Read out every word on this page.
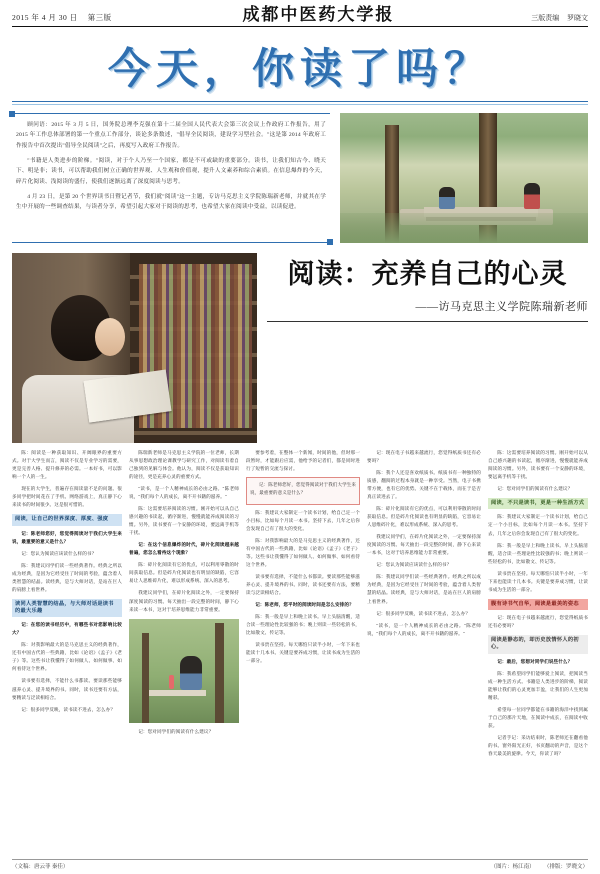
2015 年 4 月 30 日 第三版	成都中医药大学报	三版责编 罗晓文
今天，你读了吗？

顾问语：2015 年 3 月 5 日，国务院总理李克强在第十二届全国人民代表大会第三次会议上作政府工作报告，用了 2015 年工作总体部署的第一个重点工作部分，谈论多条数述，"倡导全民阅读，建设学习型社会。"这是第 2014 年政府工作报告中首次提出"倡导全民阅读"之后，再度写入政府工作报告。

"书籍是人类进步的阶梯。"阅读，对于个人乃至一个国家，都是不可或缺的重要部分。读书，让我们知古今、晓天下、明是非；读书，可以帮助我们树立正确的世界观、人生观和价值观，提升人文素养和综合素质。在信息爆炸的今天，碎片化阅读、浅阅读的盛行，使我们逐渐远离了深度阅读与思考。

4 月 23 日，是第 20 个世界读书日暨记者节，我们就"阅读"这一主题，专访马克思主义学院陈瑞新老师，并就其在学生中开展的一些调查结果，与读者分享，希望引起大家对于阅读的思考，也希望大家在阅读中受益，以读促进。

阅读：充养自己的心灵
——访马克思主义学院陈瑞新老师

陈：阅读是一种获取知识、开阔眼界的重要方式。对于大学生而言，阅读不仅是专业学习的需要，更是完善人格、提升修养的必需。一本好书，可以影响一个人的一生。

现在的大学生，普遍存在阅读量不足的问题。很多同学把时间花在了手机、网络游戏上，真正静下心来读书的时间很少。这是很可惜的。

阅读，让自己的世界深度、厚度、强度

记：陈老师您好，您觉得阅读对于我们大学生来说，最重要的意义是什么？

记：您认为阅读应该读什么样的书？

陈：我建议同学们读一些经典著作。经典之所以成为经典，是因为它经受住了时间的考验，蕴含着人类智慧的结晶。读经典，是与大师对话，是站在巨人的肩膀上看世界。

读同人类智慧的结晶，与大师对话是读书的最大乐趣

记：在您的读书经历中，有哪些书对您影响比较大？

陈：对我影响最大的是马克思主义的经典著作，还有中国古代的一些典籍，比如《论语》《孟子》《老子》等。这些书让我懂得了如何做人、如何做事、如何看待这个世界。

读书要有选择，不能什么书都读。要读那些能够滋养心灵、提升境界的书。同时，读书还要有方法，要精读与泛读相结合。

记：很多同学反映，读书读不进去，怎么办？

陈瑞新老师是马克思主义学院的一位老师，长期从事思想政治理论课教学与研究工作，对阅读有着自己独到的见解与体会。他认为，阅读不仅是获取知识的途径，更是充养心灵的重要方式。

"读书，是一个人精神成长的必由之路。"陈老师说，"我们每个人的成长，离不开书籍的滋养。"

陈：这需要培养阅读的习惯。刚开始可以从自己感兴趣的书读起，循序渐进，慢慢就能养成阅读的习惯。另外，读书要有一个安静的环境，要远离手机等干扰。

记：在这个信息爆炸的时代，碎片化阅读越来越普遍，您怎么看待这个现象？

陈：碎片化阅读有它的优点，可以利用零散的时间获取信息。但是碎片化阅读也有明显的缺陷，它容易让人思维碎片化，难以形成系统、深入的思考。

我建议同学们，在碎片化阅读之外，一定要保持深度阅读的习惯。每天抽出一段完整的时间，静下心来读一本书，这对于培养思维能力非常重要。

记：您对同学们的阅读有什么建议？

要参考着，在整体一个新闻，时间的他，但时那一段暂时，才能跟后应需，他给予的记者们，都是同时进行了短暂的交流与探讨。

记：陈老师您好，您觉得阅读对于我们大学生来说，最重要的意义是什么？

陈：我建议大家制定一个读书计划，给自己定一个小目标，比如每个月读一本书。坚持下去，几年之后你会发现自己有了很大的变化。

陈：对我影响最大的是马克思主义的经典著作，还有中国古代的一些典籍，比如《论语》《孟子》《老子》等。这些书让我懂得了如何做人、如何做事、如何看待这个世界。

读书要有选择，不能什么书都读。要读那些能够滋养心灵、提升境界的书。同时，读书还要有方法，要精读与泛读相结合。

记：陈老师，您平时的阅读时间是怎么安排的？

陈：我一般是早上和晚上读书。早上头脑清醒，适合读一些理论性比较强的书；晚上则读一些轻松的书，比如散文、传记等。

读书贵在坚持。每天哪怕只读半小时，一年下来也能读十几本书。关键是要养成习惯，让读书成为生活的一部分。

记：现在电子书越来越流行，您觉得纸质书还有必要吗？

陈：我个人还是喜欢纸质书。纸质书有一种独特的质感，翻阅的过程本身就是一种享受。当然，电子书携带方便，也有它的优势。关键不在于载体，而在于是否真正读进去了。

陈：碎片化阅读有它的优点，可以利用零散的时间获取信息。但是碎片化阅读也有明显的缺陷，它容易让人思维碎片化，难以形成系统、深入的思考。

我建议同学们，在碎片化阅读之外，一定要保持深度阅读的习惯。每天抽出一段完整的时间，静下心来读一本书，这对于培养思维能力非常重要。

记：您认为阅读应该读什么样的书？

陈：我建议同学们读一些经典著作。经典之所以成为经典，是因为它经受住了时间的考验，蕴含着人类智慧的结晶。读经典，是与大师对话，是站在巨人的肩膀上看世界。

记：很多同学反映，读书读不进去，怎么办？

"读书，是一个人精神成长的必由之路。"陈老师说，"我们每个人的成长，离不开书籍的滋养。"

陈：这需要培养阅读的习惯。刚开始可以从自己感兴趣的书读起，循序渐进，慢慢就能养成阅读的习惯。另外，读书要有一个安静的环境，要远离手机等干扰。

记：您对同学们的阅读有什么建议？

阅读，不只是读书，更是一种生活方式

陈：我建议大家制定一个读书计划，给自己定一个小目标，比如每个月读一本书。坚持下去，几年之后你会发现自己有了很大的变化。

陈：我一般是早上和晚上读书。早上头脑清醒，适合读一些理论性比较强的书；晚上则读一些轻松的书，比如散文、传记等。

读书贵在坚持。每天哪怕只读半小时，一年下来也能读十几本书。关键是要养成习惯，让读书成为生活的一部分。

腹有诗书气自华，阅读是最美的姿态

记：现在电子书越来越流行，您觉得纸质书还有必要吗？

阅读是静态的，却历史放情怀人的初心。

记：最后，您想对同学们说些什么？

陈：我希望同学们能够爱上阅读，把阅读当成一种生活方式。书籍是人类进步的阶梯，阅读能够让我们的心灵更加丰盈，让我们的人生更加精彩。

希望每一位同学都能在书籍的海洋中找到属于自己的那片天地，在阅读中成长，在阅读中收获。

记者手记：采访结束时，陈老师还在翻看他的书。窗外阳光正好，书页翻动的声音，是这个春天最美的旋律。今天，你读了吗？

（文稿：唐云菲 秦佳）	（图片：杨江南） （排版：罗晓文）
